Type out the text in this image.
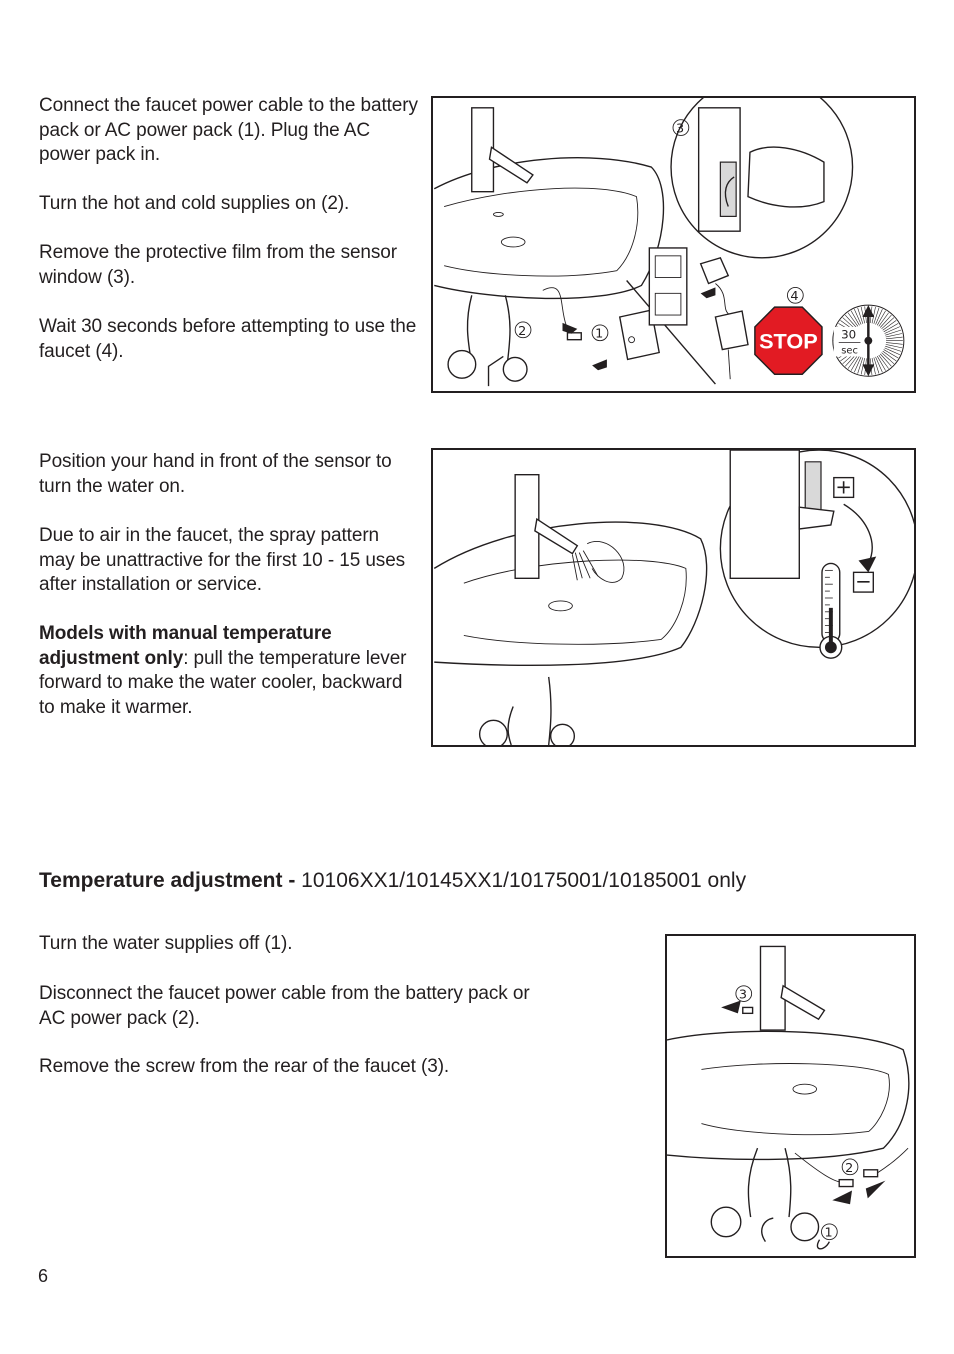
Connect the faucet power cable to the battery pack or AC power pack (1). Plug the AC power pack in.

Turn the hot and cold supplies on (2).

Remove the protective film from the sensor window (3).

Wait 30 seconds before attempting to use the faucet (4).

2	1
3
4
STOP 30
sec

Position your hand in front of the sensor to turn the water on.

Due to air in the faucet, the spray pattern may be unattractive for the first 10 - 15 uses after installation or service.

Models with manual temperature adjustment only: pull the temperature lever forward to make the water cooler, backward to make it warmer.

+
−
Temperature adjustment - 10106XX1/10145XX1/10175001/10185001 only

Turn the water supplies off (1).

Disconnect the faucet power cable from the battery pack or AC power pack (2).

Remove the screw from the rear of the faucet (3).

3
1
2
6
